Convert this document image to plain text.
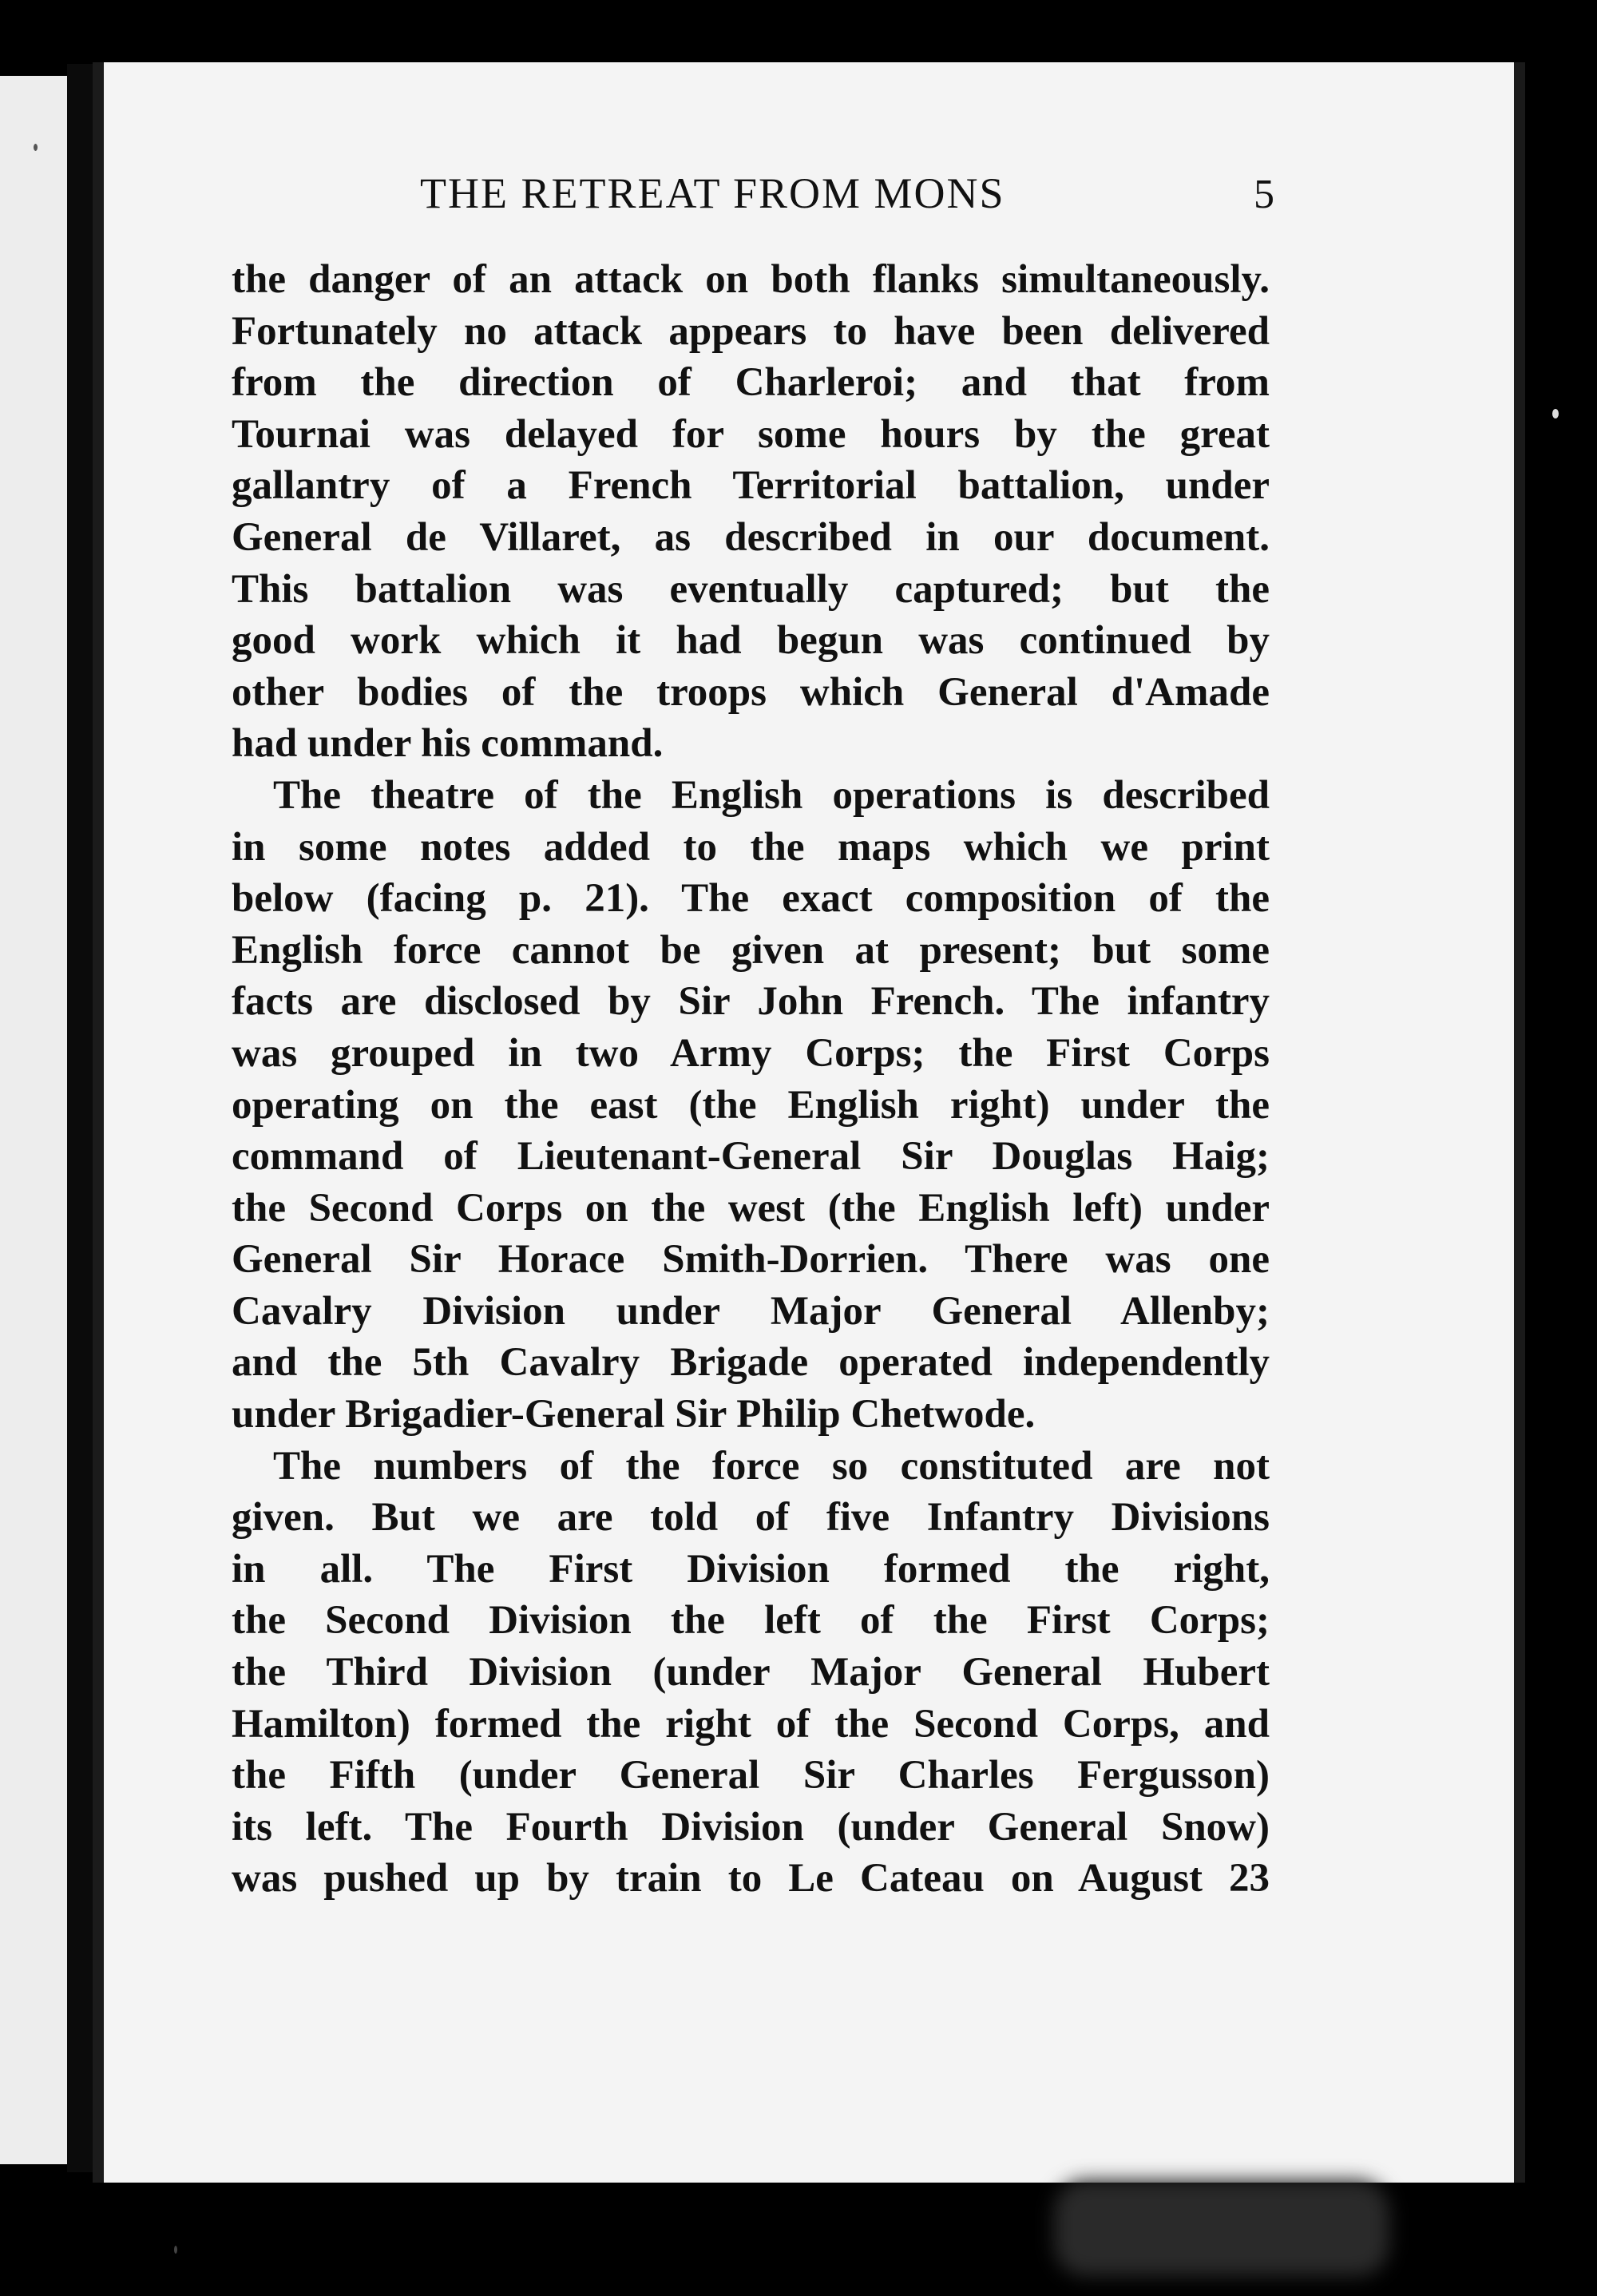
THE RETREAT FROM MONS	5
the danger of an attack on both flanks simultaneously.
Fortunately no attack appears to have been delivered
from the direction of Charleroi; and that from
Tournai was delayed for some hours by the great
gallantry of a French Territorial battalion, under
General de Villaret, as described in our document.
This battalion was eventually captured; but the
good work which it had begun was continued by
other bodies of the troops which General d'Amade
had under his command.
The theatre of the English operations is described
in some notes added to the maps which we print
below (facing p. 21). The exact composition of the
English force cannot be given at present; but some
facts are disclosed by Sir John French. The infantry
was grouped in two Army Corps; the First Corps
operating on the east (the English right) under the
command of Lieutenant-General Sir Douglas Haig;
the Second Corps on the west (the English left) under
General Sir Horace Smith-Dorrien. There was one
Cavalry Division under Major General Allenby;
and the 5th Cavalry Brigade operated independently
under Brigadier-General Sir Philip Chetwode.
The numbers of the force so constituted are not
given. But we are told of five Infantry Divisions
in all. The First Division formed the right,
the Second Division the left of the First Corps;
the Third Division (under Major General Hubert
Hamilton) formed the right of the Second Corps, and
the Fifth (under General Sir Charles Fergusson)
its left. The Fourth Division (under General Snow)
was pushed up by train to Le Cateau on August 23
